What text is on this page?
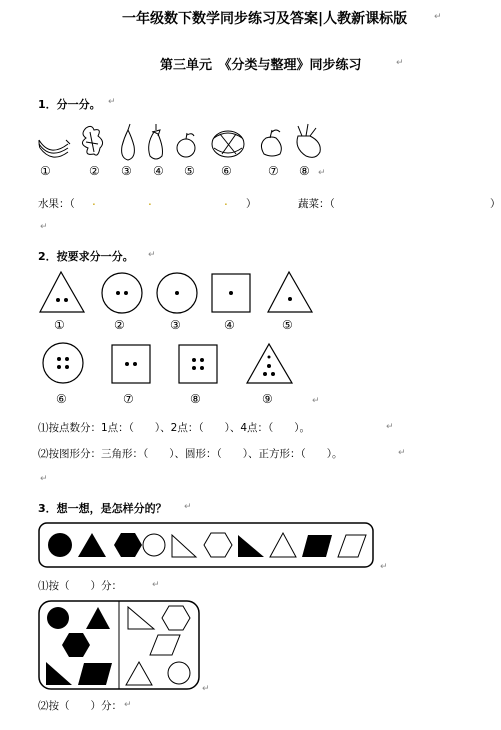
一年级数下数学同步练习及答案|人教新课标版	↵
第三单元　《分类与整理》同步练习	↵
1．分一分。 ↵
①	② ③ ④ ⑤ ⑥	⑦ ⑧ ↵
水果：（ .	.	. ）	蔬菜：（	）
↵
2．按要求分一分。 ↵
①	②	③	④	⑤
⑥	⑦	⑧	⑨	↵
⑴按点数分：1点：（　　）、2点：（　　）、4点：（　　）。	↵
⑵按图形分：三角形：（　　）、圆形：（　　）、正方形：（　　）。	↵
↵
3．想一想，是怎样分的？ ↵
↵
⑴按（　　）分：	↵
↵
⑵按（　　）分： ↵
